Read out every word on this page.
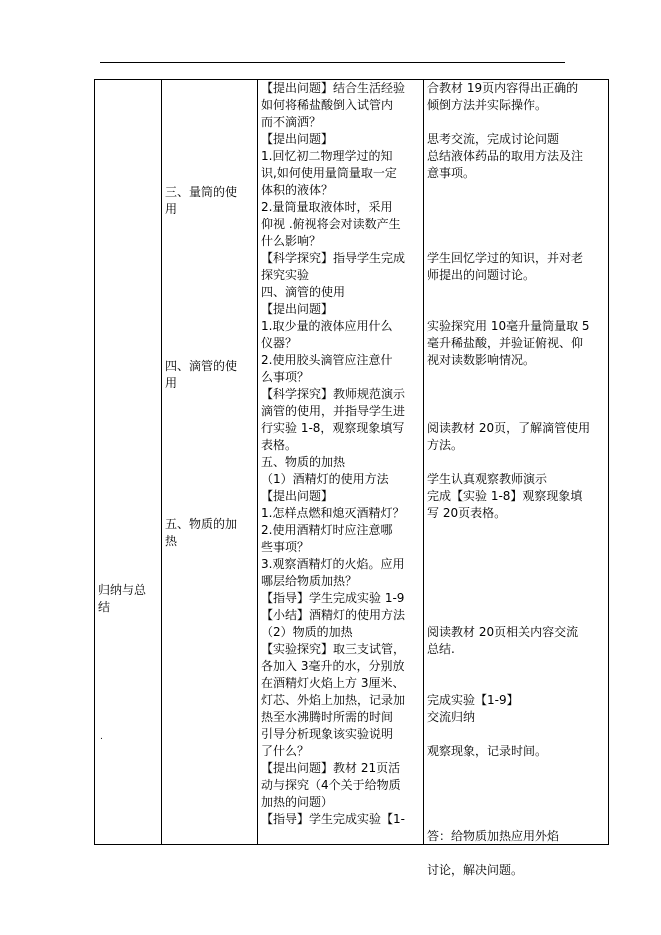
归纳与总
结
三、量筒的使
用
四、滴管的使
用
五、物质的加
热
【提出问题】结合生活经验
如何将稀盐酸倒入试管内
而不滴洒？
【提出问题】
1.回忆初二物理学过的知
识,如何使用量筒量取一定
体积的液体？
2.量筒量取液体时，采用
仰视 .俯视将会对读数产生
什么影响？
【科学探究】指导学生完成
探究实验
四、滴管的使用
【提出问题】
1.取少量的液体应用什么
仪器？
2.使用胶头滴管应注意什
么事项？
【科学探究】教师规范演示
滴管的使用，并指导学生进
行实验 1-8，观察现象填写
表格。
五、物质的加热
（1）酒精灯的使用方法
【提出问题】
1.怎样点燃和熄灭酒精灯？
2.使用酒精灯时应注意哪
些事项？
3.观察酒精灯的火焰。应用
哪层给物质加热？
【指导】学生完成实验 1-9
【小结】酒精灯的使用方法
（2）物质的加热
【实验探究】取三支试管，
各加入 3毫升的水，分别放
在酒精灯火焰上方 3厘米、
灯芯、外焰上加热，记录加
热至水沸腾时所需的时间
引导分析现象该实验说明
了什么？
【提出问题】教材 21页活
动与探究（4个关于给物质
加热的问题）
【指导】学生完成实验【1-
合教材 19页内容得出正确的
倾倒方法并实际操作。
思考交流，完成讨论问题
总结液体药品的取用方法及注
意事项。
学生回忆学过的知识，并对老
师提出的问题讨论。
实验探究用 10毫升量筒量取 5
毫升稀盐酸，并验证俯视、仰
视对读数影响情况。
阅读教材 20页，了解滴管使用
方法。
学生认真观察教师演示
完成【实验 1-8】观察现象填
写 20页表格。
阅读教材 20页相关内容交流
总结.
完成实验【1-9】
交流归纳
观察现象，记录时间。
答：给物质加热应用外焰
讨论，解决问题。
.
